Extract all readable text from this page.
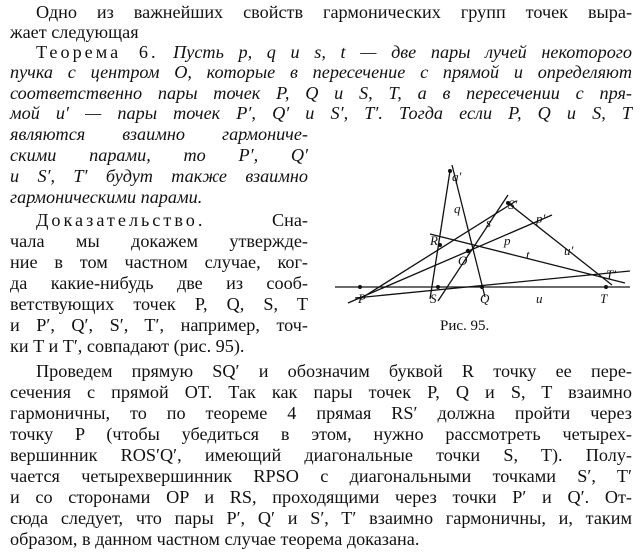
Одно из важнейших свойств гармонических групп точек выра-
жает следующая
Теорема 6. Пусть p, q и s, t — две пары лучей некоторого
пучка с центром O, которые в пересечение с прямой и определяют
соответственно пары точек P, Q и S, T, а в пересечении с пря-
мой u′ — пары точек P′, Q′ и S′, T′. Тогда если P, Q и S, T
являются взаимно гармониче-
скими парами, то P′, Q′
и S′, T′ будут также взаимно
гармоническими парами.
Доказательство.	Сна-
чала мы докажем утвержде-
ние в том частном случае, ког-
да какие-нибудь две из сооб-
ветствующих точек P, Q, S, T
и P′, Q′, S′, T′, например, точ-
ки T и T′, совпадают (рис. 95).
Проведем прямую SQ′ и обозначим буквой R точку ее пере-
сечения с прямой OT. Так как пары точек P, Q и S, T взаимно
гармоничны, то по теореме 4 прямая RS′ должна пройти через
точку P (чтобы убедиться в этом, нужно рассмотреть четырех-
вершинник ROS′Q′, имеющий диагональные точки S, T). Полу-
чается четырехвершинник RPSO с диагональными точками S′, T′
и со сторонами OP и RS, проходящими через точки P′ и Q′. От-
сюда следует, что пары P′, Q′ и S′, T′ взаимно гармоничны, и, таким
образом, в данном частном случае теорема доказана.
q′
q	S′
s	p′
R	p
O	t	u′
T′
P	S	Q	u	T
Рис. 95.
